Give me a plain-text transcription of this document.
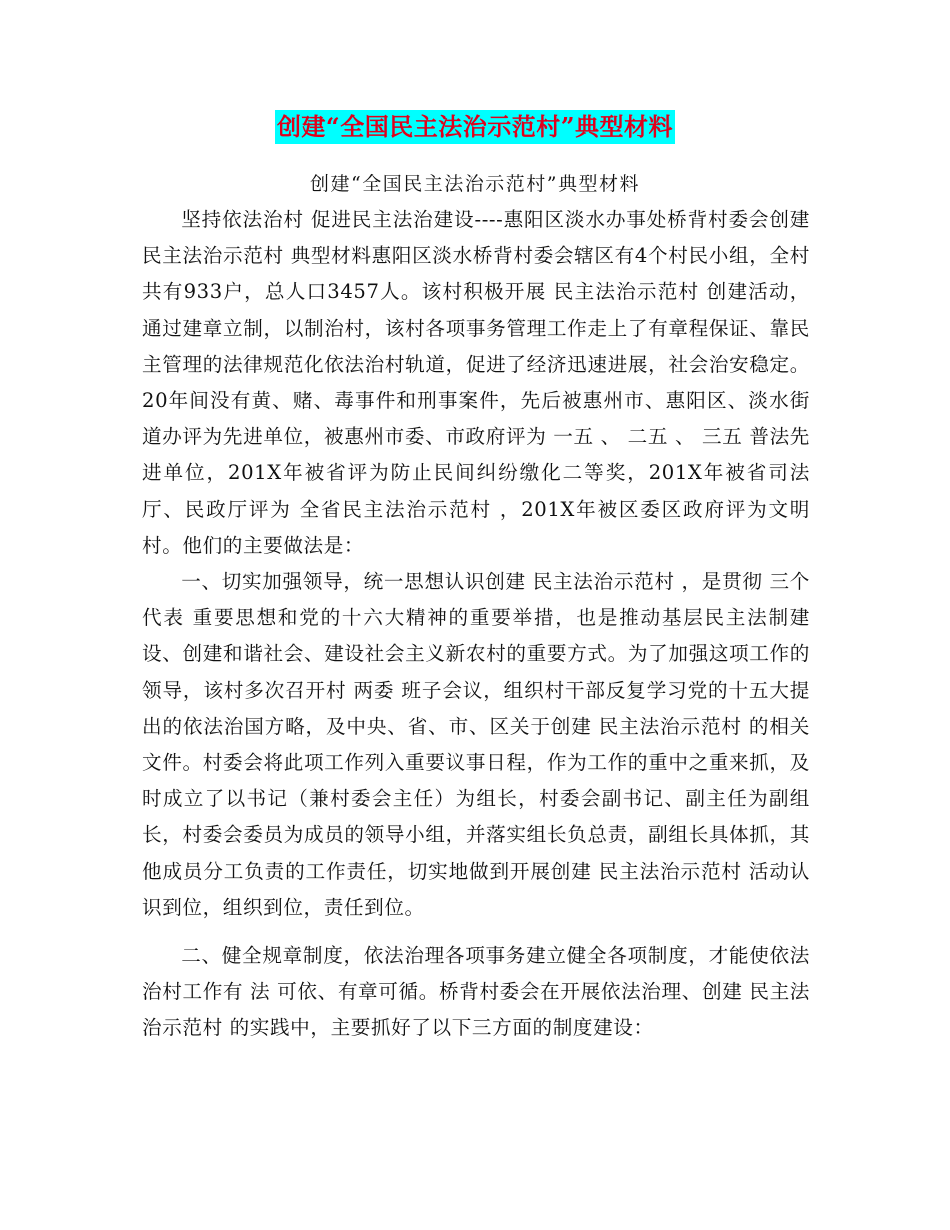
创建“全国民主法治示范村”典型材料
创建“全国民主法治示范村”典型材料

坚持依法治村 促进民主法治建设----惠阳区淡水办事处桥背村委会创建 民主法治示范村 典型材料惠阳区淡水桥背村委会辖区有4个村民小组，全村共有933户，总人口3457人。该村积极开展 民主法治示范村 创建活动，通过建章立制，以制治村，该村各项事务管理工作走上了有章程保证、靠民主管理的法律规范化依法治村轨道，促进了经济迅速进展，社会治安稳定。20年间没有黄、赌、毒事件和刑事案件，先后被惠州市、惠阳区、淡水街道办评为先进单位，被惠州市委、市政府评为 一五 、 二五 、 三五 普法先进单位，201X年被省评为防止民间纠纷缴化二等奖，201X年被省司法厅、民政厅评为 全省民主法治示范村 ，201X年被区委区政府评为文明村。他们的主要做法是：

一、切实加强领导，统一思想认识创建 民主法治示范村 ，是贯彻 三个代表 重要思想和党的十六大精神的重要举措，也是推动基层民主法制建设、创建和谐社会、建设社会主义新农村的重要方式。为了加强这项工作的领导，该村多次召开村 两委 班子会议，组织村干部反复学习党的十五大提出的依法治国方略，及中央、省、市、区关于创建 民主法治示范村 的相关文件。村委会将此项工作列入重要议事日程，作为工作的重中之重来抓，及时成立了以书记（兼村委会主任）为组长，村委会副书记、副主任为副组长，村委会委员为成员的领导小组，并落实组长负总责，副组长具体抓，其他成员分工负责的工作责任，切实地做到开展创建 民主法治示范村 活动认识到位，组织到位，责任到位。

二、健全规章制度，依法治理各项事务建立健全各项制度，才能使依法治村工作有 法 可依、有章可循。桥背村委会在开展依法治理、创建 民主法治示范村 的实践中，主要抓好了以下三方面的制度建设：
